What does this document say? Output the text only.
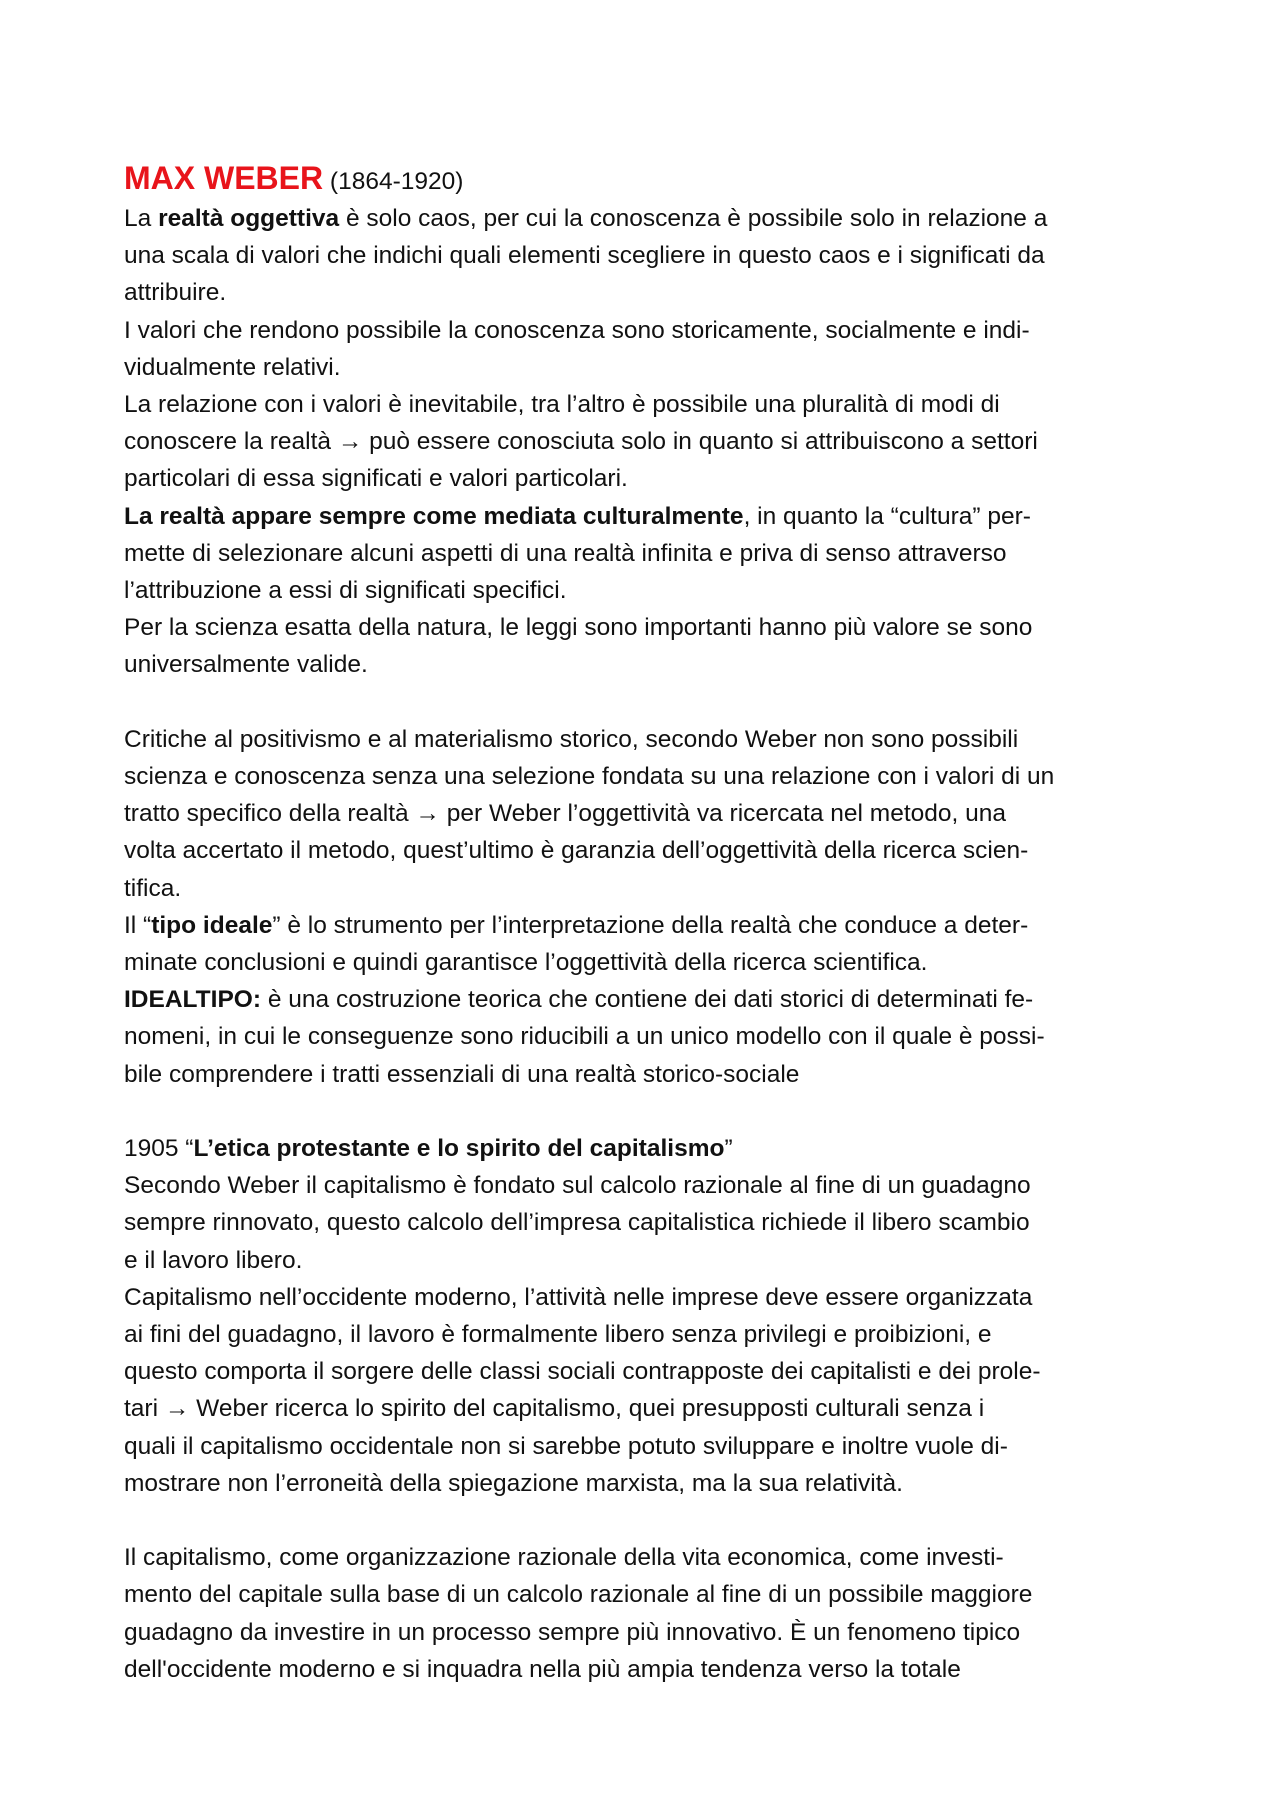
MAX WEBER (1864-1920)
La realtà oggettiva è solo caos, per cui la conoscenza è possibile solo in relazione a
una scala di valori che indichi quali elementi scegliere in questo caos e i significati da
attribuire.
I valori che rendono possibile la conoscenza sono storicamente, socialmente e indi-
vidualmente relativi.
La relazione con i valori è inevitabile, tra l’altro è possibile una pluralità di modi di
conoscere la realtà → può essere conosciuta solo in quanto si attribuiscono a settori
particolari di essa significati e valori particolari.
La realtà appare sempre come mediata culturalmente, in quanto la “cultura” per-
mette di selezionare alcuni aspetti di una realtà infinita e priva di senso attraverso
l’attribuzione a essi di significati specifici.
Per la scienza esatta della natura, le leggi sono importanti hanno più valore se sono
universalmente valide.
Critiche al positivismo e al materialismo storico, secondo Weber non sono possibili
scienza e conoscenza senza una selezione fondata su una relazione con i valori di un
tratto specifico della realtà → per Weber l’oggettività va ricercata nel metodo, una
volta accertato il metodo, quest’ultimo è garanzia dell’oggettività della ricerca scien-
tifica.
Il “tipo ideale” è lo strumento per l’interpretazione della realtà che conduce a deter-
minate conclusioni e quindi garantisce l’oggettività della ricerca scientifica.
IDEALTIPO: è una costruzione teorica che contiene dei dati storici di determinati fe-
nomeni, in cui le conseguenze sono riducibili a un unico modello con il quale è possi-
bile comprendere i tratti essenziali di una realtà storico-sociale
1905 “L’etica protestante e lo spirito del capitalismo”
Secondo Weber il capitalismo è fondato sul calcolo razionale al fine di un guadagno
sempre rinnovato, questo calcolo dell’impresa capitalistica richiede il libero scambio
e il lavoro libero.
Capitalismo nell’occidente moderno, l’attività nelle imprese deve essere organizzata
ai fini del guadagno, il lavoro è formalmente libero senza privilegi e proibizioni, e
questo comporta il sorgere delle classi sociali contrapposte dei capitalisti e dei prole-
tari → Weber ricerca lo spirito del capitalismo, quei presupposti culturali senza i
quali il capitalismo occidentale non si sarebbe potuto sviluppare e inoltre vuole di-
mostrare non l’erroneità della spiegazione marxista, ma la sua relatività.
Il capitalismo, come organizzazione razionale della vita economica, come investi-
mento del capitale sulla base di un calcolo razionale al fine di un possibile maggiore
guadagno da investire in un processo sempre più innovativo. È un fenomeno tipico
dell'occidente moderno e si inquadra nella più ampia tendenza verso la totale
